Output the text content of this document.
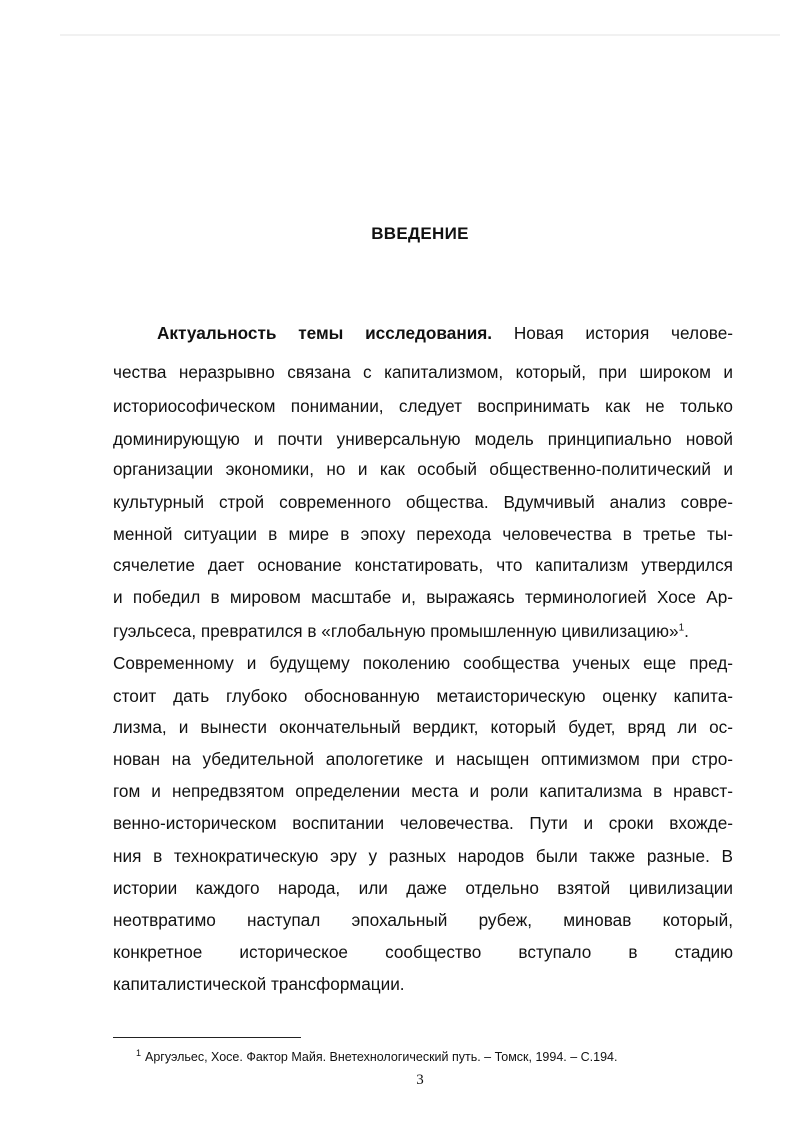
ВВЕДЕНИЕ
Актуальность темы исследования. Новая история челове-
чества неразрывно связана с капитализмом, который, при широком и
историософическом понимании, следует воспринимать как не только
доминирующую и почти универсальную модель принципиально новой
организации экономики, но и как особый общественно-политический и
культурный строй современного общества. Вдумчивый анализ совре-
менной ситуации в мире в эпоху перехода человечества в третье ты-
сячелетие дает основание констатировать, что капитализм утвердился
и победил в мировом масштабе и, выражаясь терминологией Хосе Ар-
гуэльсеса, превратился в «глобальную промышленную цивилизацию»$^1$.
Современному и будущему поколению сообщества ученых еще пред-
стоит дать глубоко обоснованную метаисторическую оценку капита-
лизма, и вынести окончательный вердикт, который будет, вряд ли ос-
нован на убедительной апологетике и насыщен оптимизмом при стро-
гом и непредвзятом определении места и роли капитализма в нравст-
венно-историческом воспитании человечества. Пути и сроки вхожде-
ния в технократическую эру у разных народов были также разные. В
истории каждого народа, или даже отдельно взятой цивилизации
неотвратимо наступал эпохальный рубеж, миновав который,
конкретное историческое сообщество вступало в стадию
капиталистической трансформации.
$^1$ Аргуэльес, Хосе. Фактор Майя. Внетехнологический путь. – Томск, 1994. – С.194.
3
